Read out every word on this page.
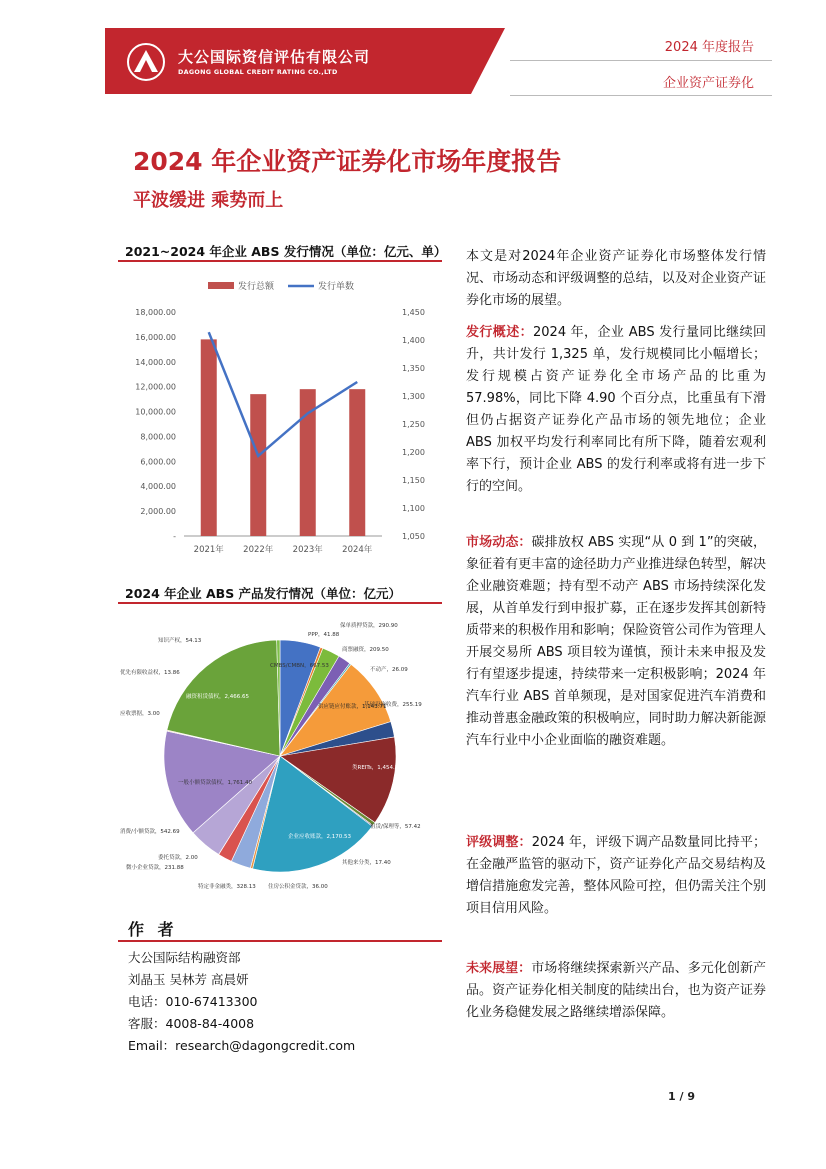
大公国际资信评估有限公司
DAGONG GLOBAL CREDIT RATING CO.,LTD
2024 年度报告
企业资产证券化
2024 年企业资产证券化市场年度报告
平波缓进 乘势而上
2021~2024 年企业 ABS 发行情况（单位：亿元、单）
发行总额	发行单数
-
2,000.00
4,000.00
6,000.00
8,000.00
10,000.00
12,000.00
14,000.00
16,000.00
18,000.00
1,050
1,100
1,150
1,200
1,250
1,300
1,350
1,400
1,450
2021年 2022年 2023年 2024年
2024 年企业 ABS 产品发行情况（单位：亿元）
CMBS/CMBN，667.53
PPP，41.88
保单质押贷款，290.90
商票融资，209.50
不动产，26.09
供应链应付账款，1,143.71
基础设施收费，255.19
类REITs，1,454.27
租赁/保理等，57.42
其他来分类，17.40
企业应收账款，2,170.53
住房公积金贷款，36.00
特定非金融类，328.13
微小企业贷款，231.88
委托贷款，2.00
消费/小额贷款，542.69
一般小额贷款债权，1,761.40
应收票据，3.00
优先有限收益权，13.86
融资租赁债权，2,466.65
知识产权，54.13
作 者
大公国际结构融资部
刘晶玉 吴林芳 高晨妍
电话：010-67413300
客服：4008-84-4008
Email：research@dagongcredit.com
本文是对2024年企业资产证券化市场整体发行情况、市场动态和评级调整的总结，以及对企业资产证券化市场的展望。
发行概述：2024 年，企业 ABS 发行量同比继续回升，共计发行 1,325 单，发行规模同比小幅增长；发行规模占资产证券化全市场产品的比重为 57.98%，同比下降 4.90 个百分点，比重虽有下滑但仍占据资产证券化产品市场的领先地位；企业 ABS 加权平均发行利率同比有所下降，随着宏观利率下行，预计企业 ABS 的发行利率或将有进一步下行的空间。
市场动态：碳排放权 ABS 实现“从 0 到 1”的突破，象征着有更丰富的途径助力产业推进绿色转型，解决企业融资难题；持有型不动产 ABS 市场持续深化发展，从首单发行到申报扩募，正在逐步发挥其创新特质带来的积极作用和影响；保险资管公司作为管理人开展交易所 ABS 项目较为谨慎，预计未来申报及发行有望逐步提速，持续带来一定积极影响；2024 年汽车行业 ABS 首单频现，是对国家促进汽车消费和推动普惠金融政策的积极响应，同时助力解决新能源汽车行业中小企业面临的融资难题。
评级调整：2024 年，评级下调产品数量同比持平；在金融严监管的驱动下，资产证券化产品交易结构及增信措施愈发完善，整体风险可控，但仍需关注个别项目信用风险。
未来展望：市场将继续探索新兴产品、多元化创新产品。资产证券化相关制度的陆续出台，也为资产证券化业务稳健发展之路继续增添保障。
1 / 9
